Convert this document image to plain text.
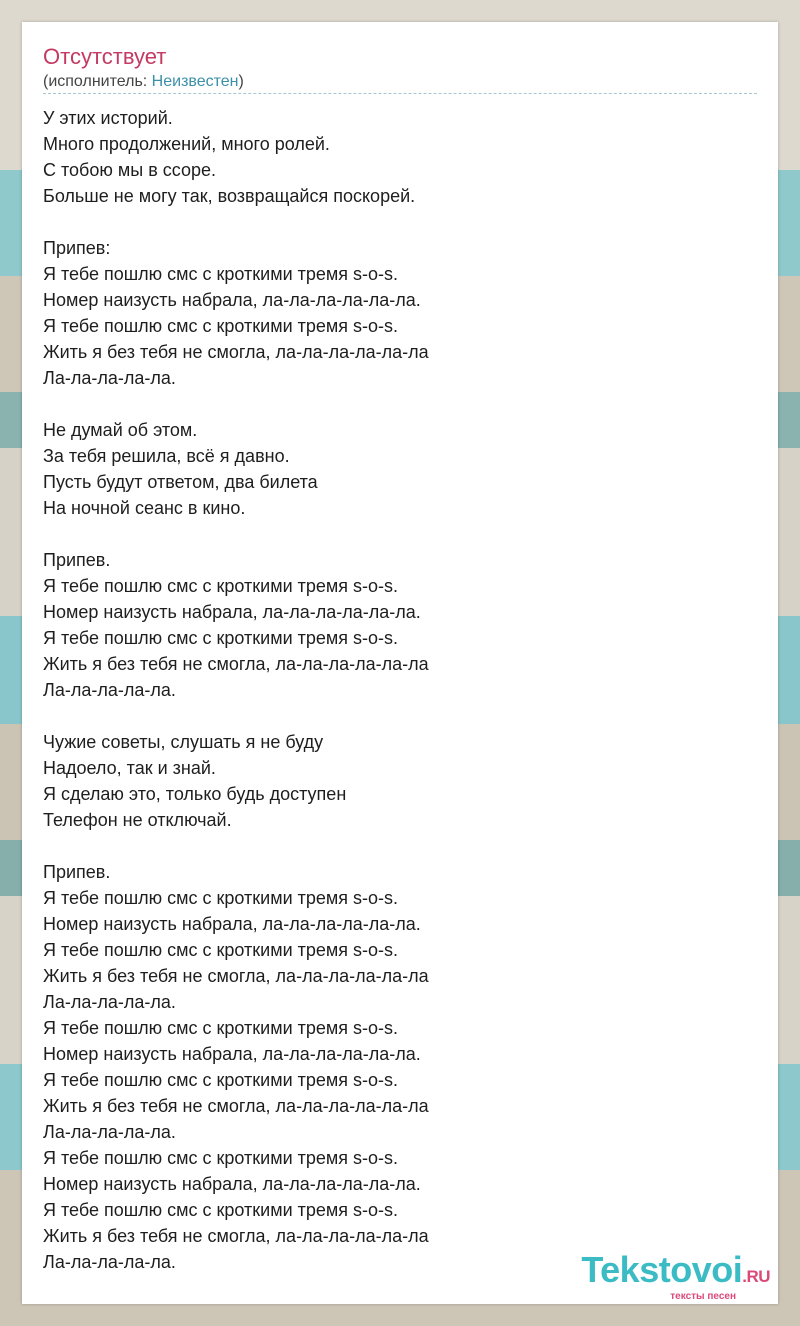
Отсутствует
(исполнитель: Неизвестен)
У этих историй.
Много продолжений, много ролей.
С тобою мы в ссоре.
Больше не могу так, возвращайся поскорей.
Припев:
Я тебе пошлю смс с кроткими тремя s-o-s.
Номер наизусть набрала, ла-ла-ла-ла-ла-ла.
Я тебе пошлю смс с кроткими тремя s-o-s.
Жить я без тебя не смогла, ла-ла-ла-ла-ла-ла
Ла-ла-ла-ла-ла.
Не думай об этом.
За тебя решила, всё я давно.
Пусть будут ответом, два билета
На ночной сеанс в кино.
Припев.
Я тебе пошлю смс с кроткими тремя s-o-s.
Номер наизусть набрала, ла-ла-ла-ла-ла-ла.
Я тебе пошлю смс с кроткими тремя s-o-s.
Жить я без тебя не смогла, ла-ла-ла-ла-ла-ла
Ла-ла-ла-ла-ла.
Чужие советы, слушать я не буду
Надоело, так и знай.
Я сделаю это, только будь доступен
Телефон не отключай.
Припев.
Я тебе пошлю смс с кроткими тремя s-o-s.
Номер наизусть набрала, ла-ла-ла-ла-ла-ла.
Я тебе пошлю смс с кроткими тремя s-o-s.
Жить я без тебя не смогла, ла-ла-ла-ла-ла-ла
Ла-ла-ла-ла-ла.
Я тебе пошлю смс с кроткими тремя s-o-s.
Номер наизусть набрала, ла-ла-ла-ла-ла-ла.
Я тебе пошлю смс с кроткими тремя s-o-s.
Жить я без тебя не смогла, ла-ла-ла-ла-ла-ла
Ла-ла-ла-ла-ла.
Я тебе пошлю смс с кроткими тремя s-o-s.
Номер наизусть набрала, ла-ла-ла-ла-ла-ла.
Я тебе пошлю смс с кроткими тремя s-o-s.
Жить я без тебя не смогла, ла-ла-ла-ла-ла-ла
Ла-ла-ла-ла-ла.	Tekstovoi.RU
тексты песен
